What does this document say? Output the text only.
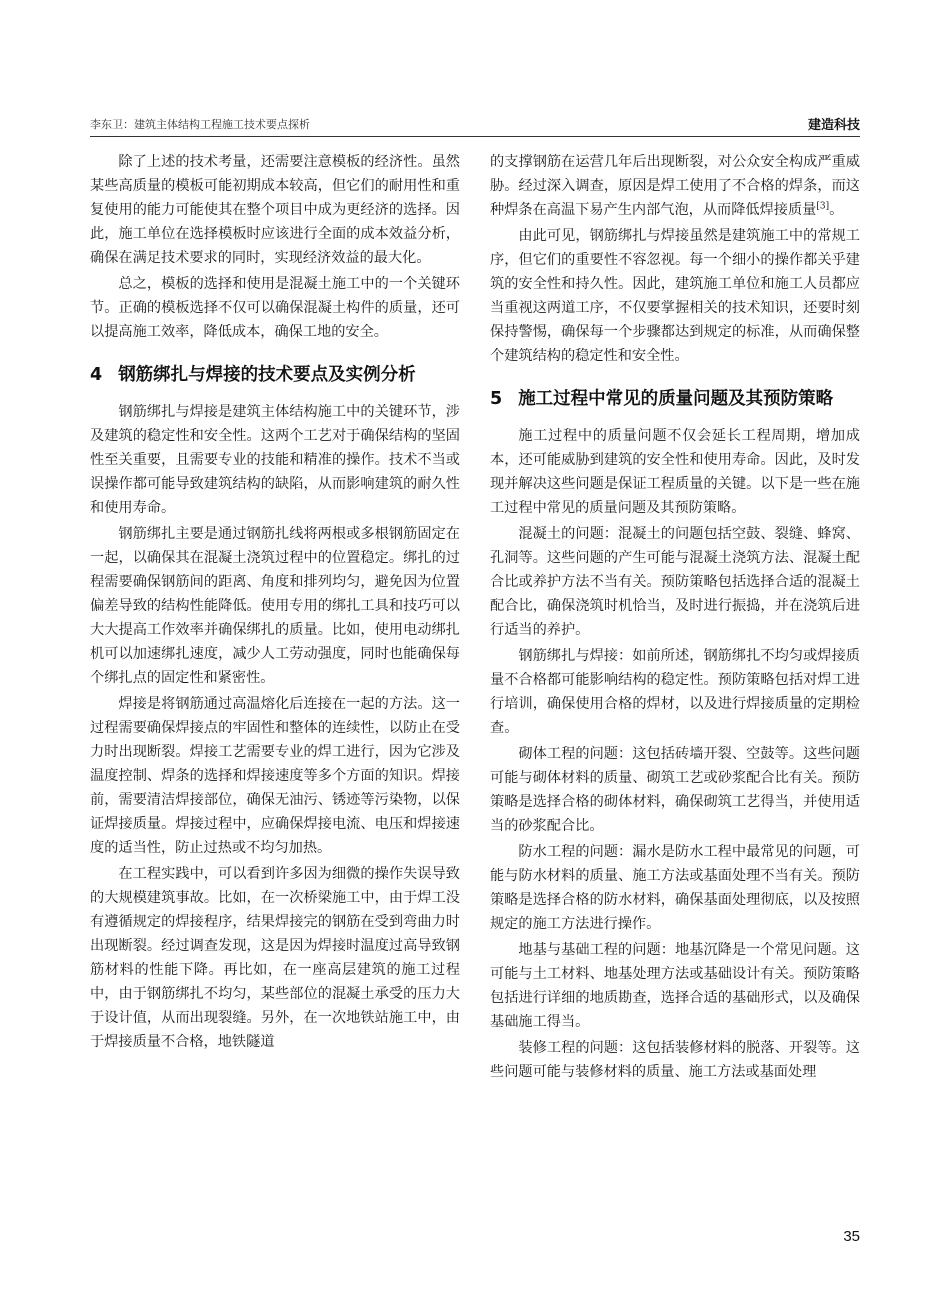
李东卫：建筑主体结构工程施工技术要点探析	建造科技

除了上述的技术考量，还需要注意模板的经济性。虽然某些高质量的模板可能初期成本较高，但它们的耐用性和重复使用的能力可能使其在整个项目中成为更经济的选择。因此，施工单位在选择模板时应该进行全面的成本效益分析，确保在满足技术要求的同时，实现经济效益的最大化。

总之，模板的选择和使用是混凝土施工中的一个关键环节。正确的模板选择不仅可以确保混凝土构件的质量，还可以提高施工效率，降低成本，确保工地的安全。

4 钢筋绑扎与焊接的技术要点及实例分析

钢筋绑扎与焊接是建筑主体结构施工中的关键环节，涉及建筑的稳定性和安全性。这两个工艺对于确保结构的坚固性至关重要，且需要专业的技能和精准的操作。技术不当或误操作都可能导致建筑结构的缺陷，从而影响建筑的耐久性和使用寿命。

钢筋绑扎主要是通过钢筋扎线将两根或多根钢筋固定在一起，以确保其在混凝土浇筑过程中的位置稳定。绑扎的过程需要确保钢筋间的距离、角度和排列均匀，避免因为位置偏差导致的结构性能降低。使用专用的绑扎工具和技巧可以大大提高工作效率并确保绑扎的质量。比如，使用电动绑扎机可以加速绑扎速度，减少人工劳动强度，同时也能确保每个绑扎点的固定性和紧密性。

焊接是将钢筋通过高温熔化后连接在一起的方法。这一过程需要确保焊接点的牢固性和整体的连续性，以防止在受力时出现断裂。焊接工艺需要专业的焊工进行，因为它涉及温度控制、焊条的选择和焊接速度等多个方面的知识。焊接前，需要清洁焊接部位，确保无油污、锈迹等污染物，以保证焊接质量。焊接过程中，应确保焊接电流、电压和焊接速度的适当性，防止过热或不均匀加热。

在工程实践中，可以看到许多因为细微的操作失误导致的大规模建筑事故。比如，在一次桥梁施工中，由于焊工没有遵循规定的焊接程序，结果焊接完的钢筋在受到弯曲力时出现断裂。经过调查发现，这是因为焊接时温度过高导致钢筋材料的性能下降。再比如，在一座高层建筑的施工过程中，由于钢筋绑扎不均匀，某些部位的混凝土承受的压力大于设计值，从而出现裂缝。另外，在一次地铁站施工中，由于焊接质量不合格，地铁隧道

的支撑钢筋在运营几年后出现断裂，对公众安全构成严重威胁。经过深入调查，原因是焊工使用了不合格的焊条，而这种焊条在高温下易产生内部气泡，从而降低焊接质量[3]。

由此可见，钢筋绑扎与焊接虽然是建筑施工中的常规工序，但它们的重要性不容忽视。每一个细小的操作都关乎建筑的安全性和持久性。因此，建筑施工单位和施工人员都应当重视这两道工序，不仅要掌握相关的技术知识，还要时刻保持警惕，确保每一个步骤都达到规定的标准，从而确保整个建筑结构的稳定性和安全性。

5 施工过程中常见的质量问题及其预防策略

施工过程中的质量问题不仅会延长工程周期，增加成本，还可能威胁到建筑的安全性和使用寿命。因此，及时发现并解决这些问题是保证工程质量的关键。以下是一些在施工过程中常见的质量问题及其预防策略。

混凝土的问题：混凝土的问题包括空鼓、裂缝、蜂窝、孔洞等。这些问题的产生可能与混凝土浇筑方法、混凝土配合比或养护方法不当有关。预防策略包括选择合适的混凝土配合比，确保浇筑时机恰当，及时进行振捣，并在浇筑后进行适当的养护。

钢筋绑扎与焊接：如前所述，钢筋绑扎不均匀或焊接质量不合格都可能影响结构的稳定性。预防策略包括对焊工进行培训，确保使用合格的焊材，以及进行焊接质量的定期检查。

砌体工程的问题：这包括砖墙开裂、空鼓等。这些问题可能与砌体材料的质量、砌筑工艺或砂浆配合比有关。预防策略是选择合格的砌体材料，确保砌筑工艺得当，并使用适当的砂浆配合比。

防水工程的问题：漏水是防水工程中最常见的问题，可能与防水材料的质量、施工方法或基面处理不当有关。预防策略是选择合格的防水材料，确保基面处理彻底，以及按照规定的施工方法进行操作。

地基与基础工程的问题：地基沉降是一个常见问题。这可能与土工材料、地基处理方法或基础设计有关。预防策略包括进行详细的地质勘查，选择合适的基础形式，以及确保基础施工得当。

装修工程的问题：这包括装修材料的脱落、开裂等。这些问题可能与装修材料的质量、施工方法或基面处理

35
